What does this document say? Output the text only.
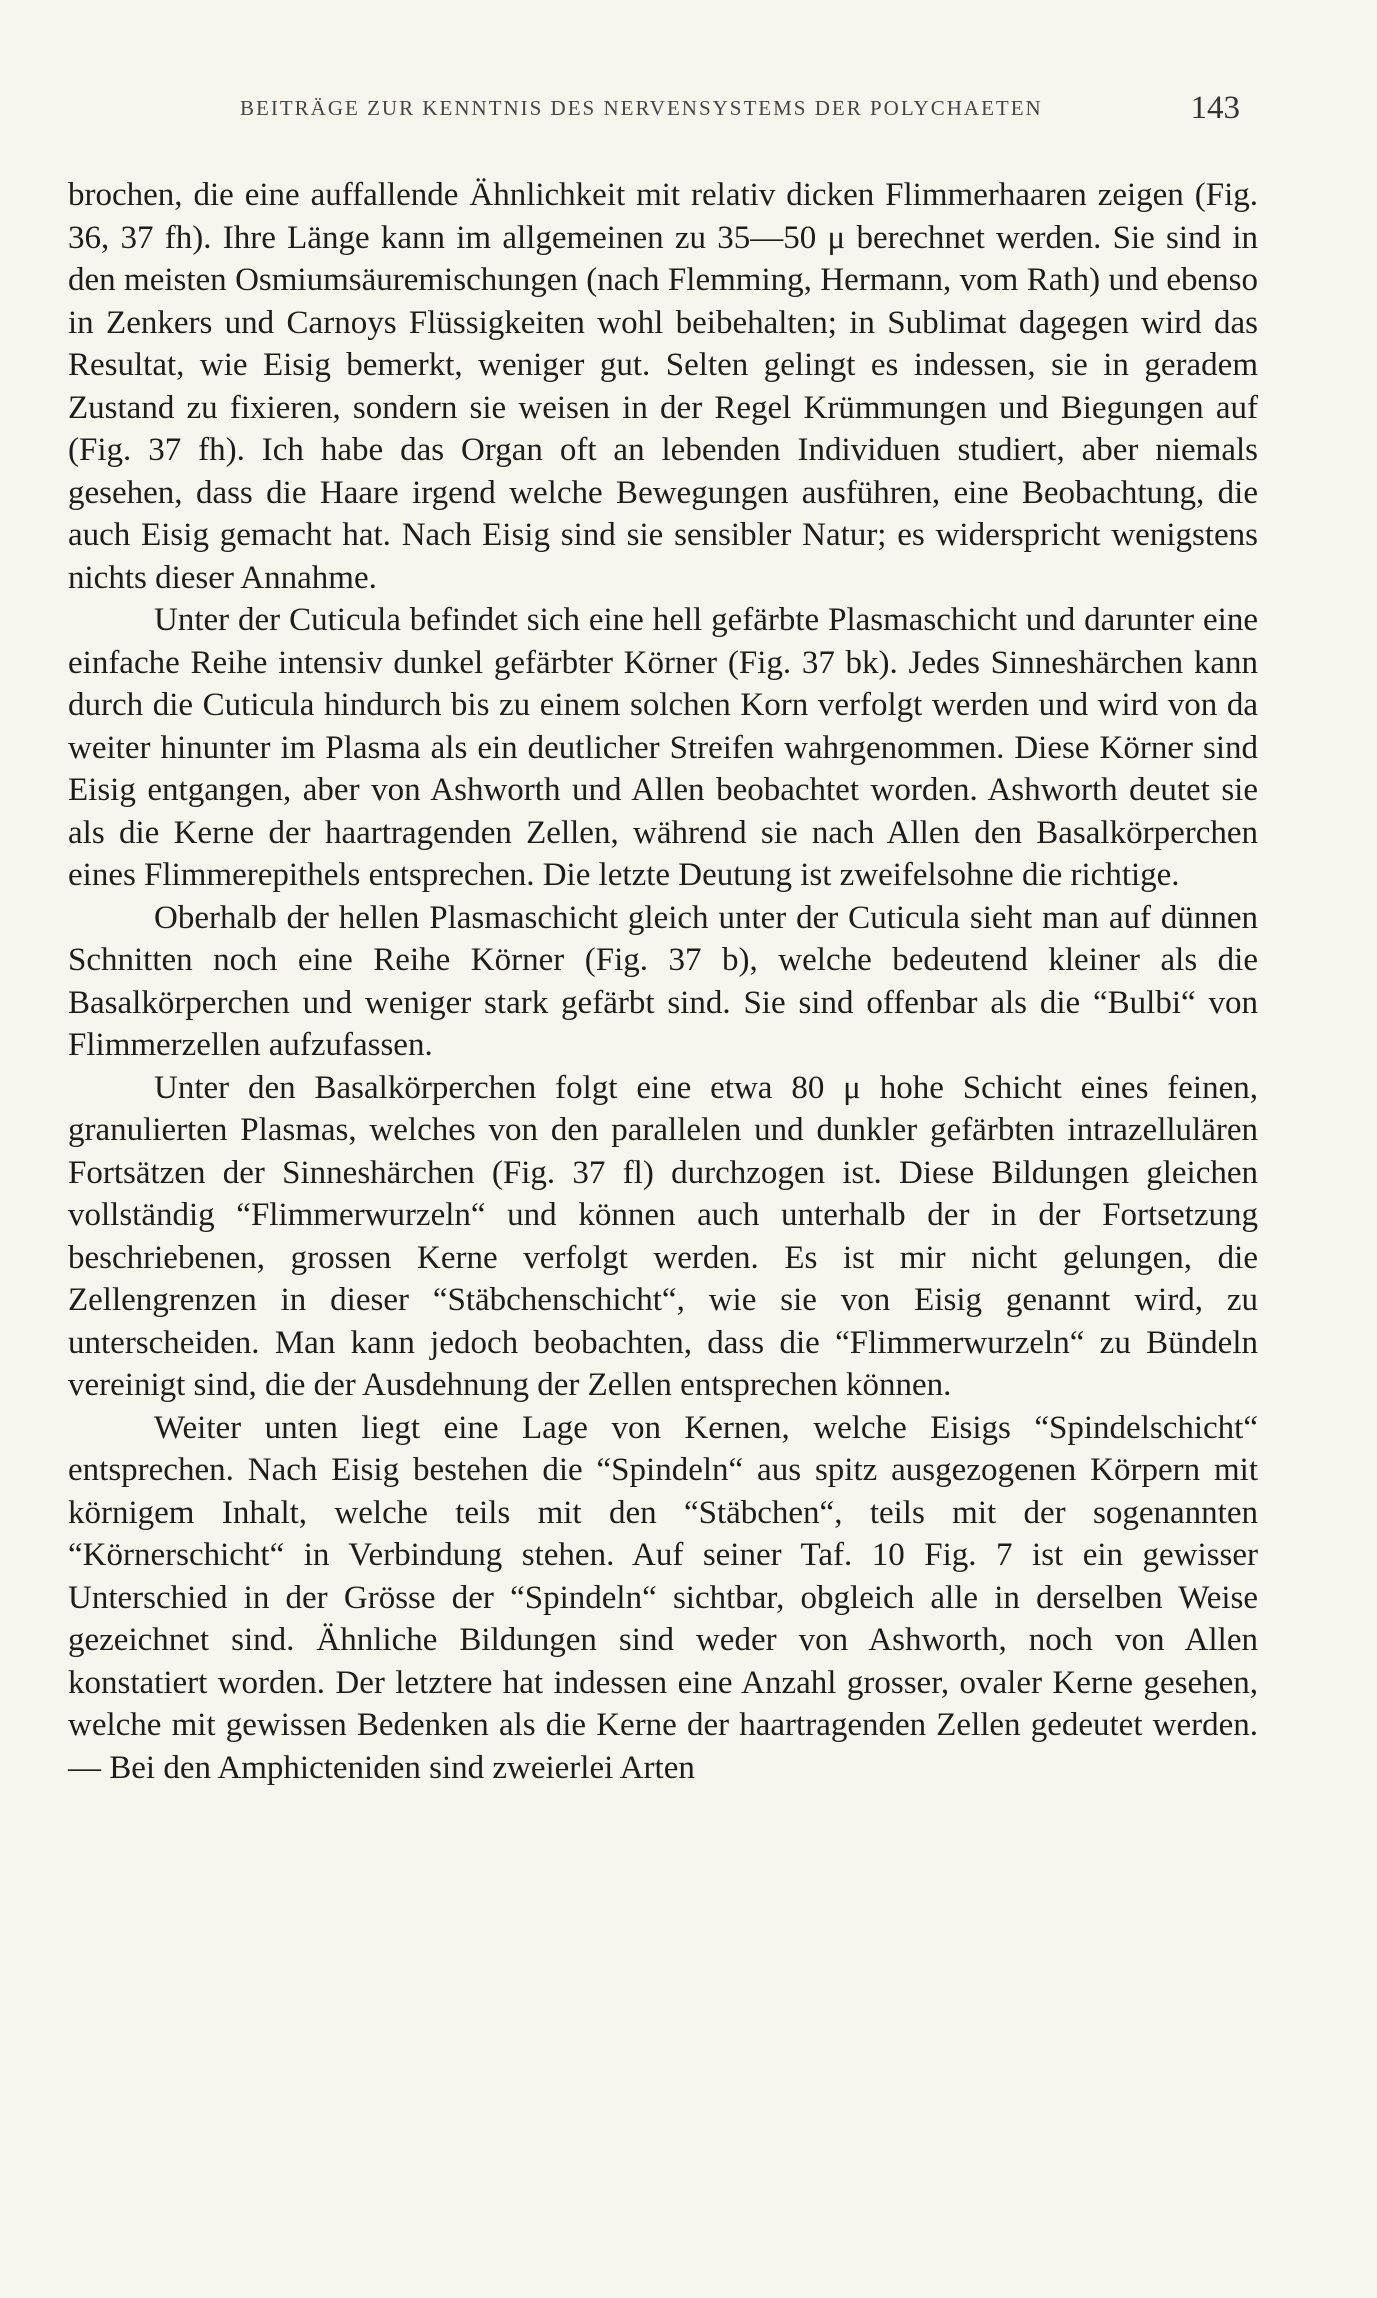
BEITRÄGE ZUR KENNTNIS DES NERVENSYSTEMS DER POLYCHAETEN	143

brochen, die eine auffallende Ähnlichkeit mit relativ dicken Flimmerhaaren zeigen (Fig. 36, 37 fh). Ihre Länge kann im allgemeinen zu 35—50 μ berechnet werden. Sie sind in den meisten Osmiumsäuremischungen (nach Flemming, Hermann, vom Rath) und ebenso in Zenkers und Carnoys Flüssigkeiten wohl beibehalten; in Sublimat dagegen wird das Resultat, wie Eisig bemerkt, weniger gut. Selten gelingt es indessen, sie in geradem Zustand zu fixieren, sondern sie weisen in der Regel Krümmungen und Biegungen auf (Fig. 37 fh). Ich habe das Organ oft an lebenden Individuen studiert, aber niemals gesehen, dass die Haare irgend welche Bewegungen ausführen, eine Beobachtung, die auch Eisig gemacht hat. Nach Eisig sind sie sensibler Natur; es widerspricht wenigstens nichts dieser Annahme.

Unter der Cuticula befindet sich eine hell gefärbte Plasmaschicht und darunter eine einfache Reihe intensiv dunkel gefärbter Körner (Fig. 37 bk). Jedes Sinneshärchen kann durch die Cuticula hindurch bis zu einem solchen Korn verfolgt werden und wird von da weiter hinunter im Plasma als ein deutlicher Streifen wahrgenommen. Diese Körner sind Eisig entgangen, aber von Ashworth und Allen beobachtet worden. Ashworth deutet sie als die Kerne der haartragenden Zellen, während sie nach Allen den Basalkörperchen eines Flimmerepithels entsprechen. Die letzte Deutung ist zweifelsohne die richtige.

Oberhalb der hellen Plasmaschicht gleich unter der Cuticula sieht man auf dünnen Schnitten noch eine Reihe Körner (Fig. 37 b), welche bedeutend kleiner als die Basalkörperchen und weniger stark gefärbt sind. Sie sind offenbar als die “Bulbi“ von Flimmerzellen aufzufassen.

Unter den Basalkörperchen folgt eine etwa 80 μ hohe Schicht eines feinen, granulierten Plasmas, welches von den parallelen und dunkler gefärbten intrazellulären Fortsätzen der Sinneshärchen (Fig. 37 fl) durchzogen ist. Diese Bildungen gleichen vollständig “Flimmerwurzeln“ und können auch unterhalb der in der Fortsetzung beschriebenen, grossen Kerne verfolgt werden. Es ist mir nicht gelungen, die Zellengrenzen in dieser “Stäbchenschicht“, wie sie von Eisig genannt wird, zu unterscheiden. Man kann jedoch beobachten, dass die “Flimmerwurzeln“ zu Bündeln vereinigt sind, die der Ausdehnung der Zellen entsprechen können.

Weiter unten liegt eine Lage von Kernen, welche Eisigs “Spindelschicht“ entsprechen. Nach Eisig bestehen die “Spindeln“ aus spitz ausgezogenen Körpern mit körnigem Inhalt, welche teils mit den “Stäbchen“, teils mit der sogenannten “Körnerschicht“ in Verbindung stehen. Auf seiner Taf. 10 Fig. 7 ist ein gewisser Unterschied in der Grösse der “Spindeln“ sichtbar, obgleich alle in derselben Weise gezeichnet sind. Ähnliche Bildungen sind weder von Ashworth, noch von Allen konstatiert worden. Der letztere hat indessen eine Anzahl grosser, ovaler Kerne gesehen, welche mit gewissen Bedenken als die Kerne der haartragenden Zellen gedeutet werden. — Bei den Amphicteniden sind zweierlei Arten
